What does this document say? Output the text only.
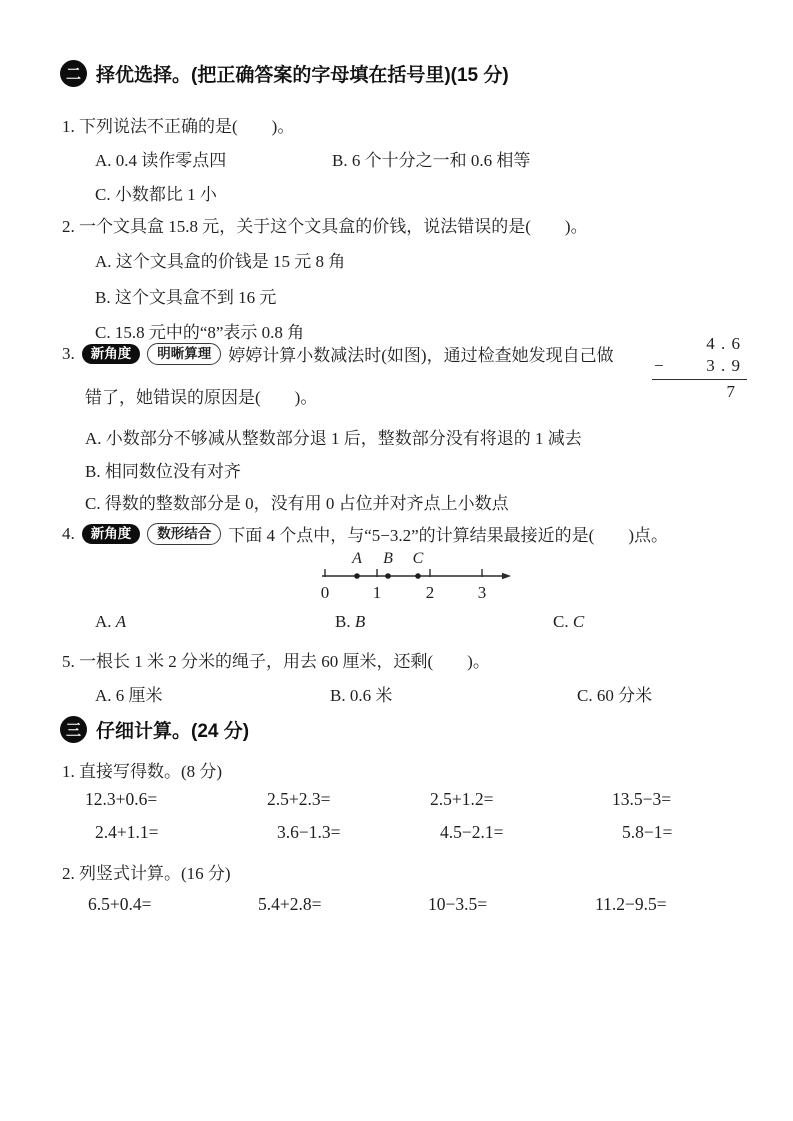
二 择优选择。(把正确答案的字母填在括号里)(15 分)
1. 下列说法不正确的是(　　)。
A. 0.4 读作零点四	B. 6 个十分之一和 0.6 相等
C. 小数都比 1 小
2. 一个文具盒 15.8 元，关于这个文具盒的价钱，说法错误的是(　　)。
A. 这个文具盒的价钱是 15 元 8 角
B. 这个文具盒不到 16 元
C. 15.8 元中的“8”表示 0.8 角
3.	新角度	明晰算理	婷婷计算小数减法时(如图)，通过检查她发现自己做
错了，她错误的原因是(　　)。
4 . 6
− 3 . 9
7
A. 小数部分不够减从整数部分退 1 后，整数部分没有将退的 1 减去
B. 相同数位没有对齐
C. 得数的整数部分是 0，没有用 0 占位并对齐点上小数点
4.	新角度	数形结合	下面 4 个点中，与“5−3.2”的计算结果最接近的是(　　)点。
A B C
0	1	2	3
A. A	B. B	C. C
5. 一根长 1 米 2 分米的绳子，用去 60 厘米，还剩(　　)。
A. 6 厘米	B. 0.6 米	C. 60 分米
三 仔细计算。(24 分)
1. 直接写得数。(8 分)
12.3+0.6=	2.5+2.3=	2.5+1.2=	13.5−3=
2.4+1.1=	3.6−1.3=	4.5−2.1=	5.8−1=
2. 列竖式计算。(16 分)
6.5+0.4=	5.4+2.8=	10−3.5=	11.2−9.5=
